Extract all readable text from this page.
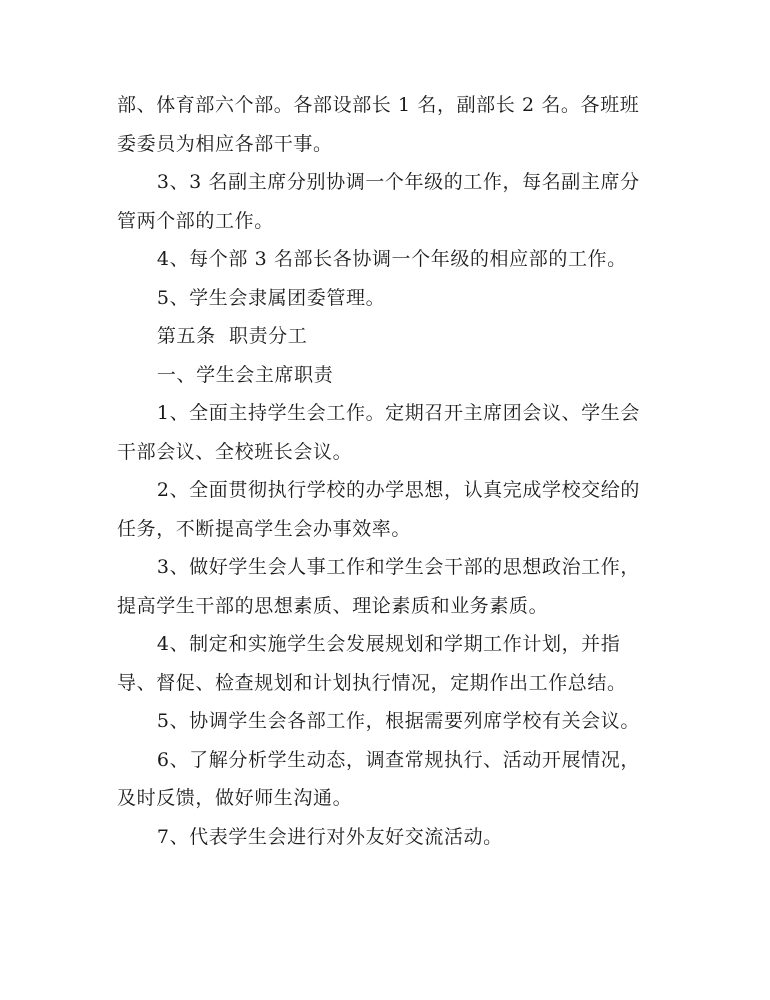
部、体育部六个部。各部设部长 1 名，副部长 2 名。各班班委委员为相应各部干事。

3、3 名副主席分别协调一个年级的工作，每名副主席分管两个部的工作。

4、每个部 3 名部长各协调一个年级的相应部的工作。

5、学生会隶属团委管理。

第五条  职责分工

一、学生会主席职责

1、全面主持学生会工作。定期召开主席团会议、学生会干部会议、全校班长会议。

2、全面贯彻执行学校的办学思想，认真完成学校交给的任务，不断提高学生会办事效率。

3、做好学生会人事工作和学生会干部的思想政治工作，提高学生干部的思想素质、理论素质和业务素质。

4、制定和实施学生会发展规划和学期工作计划，并指导、督促、检查规划和计划执行情况，定期作出工作总结。

5、协调学生会各部工作，根据需要列席学校有关会议。

6、了解分析学生动态，调查常规执行、活动开展情况，及时反馈，做好师生沟通。

7、代表学生会进行对外友好交流活动。
